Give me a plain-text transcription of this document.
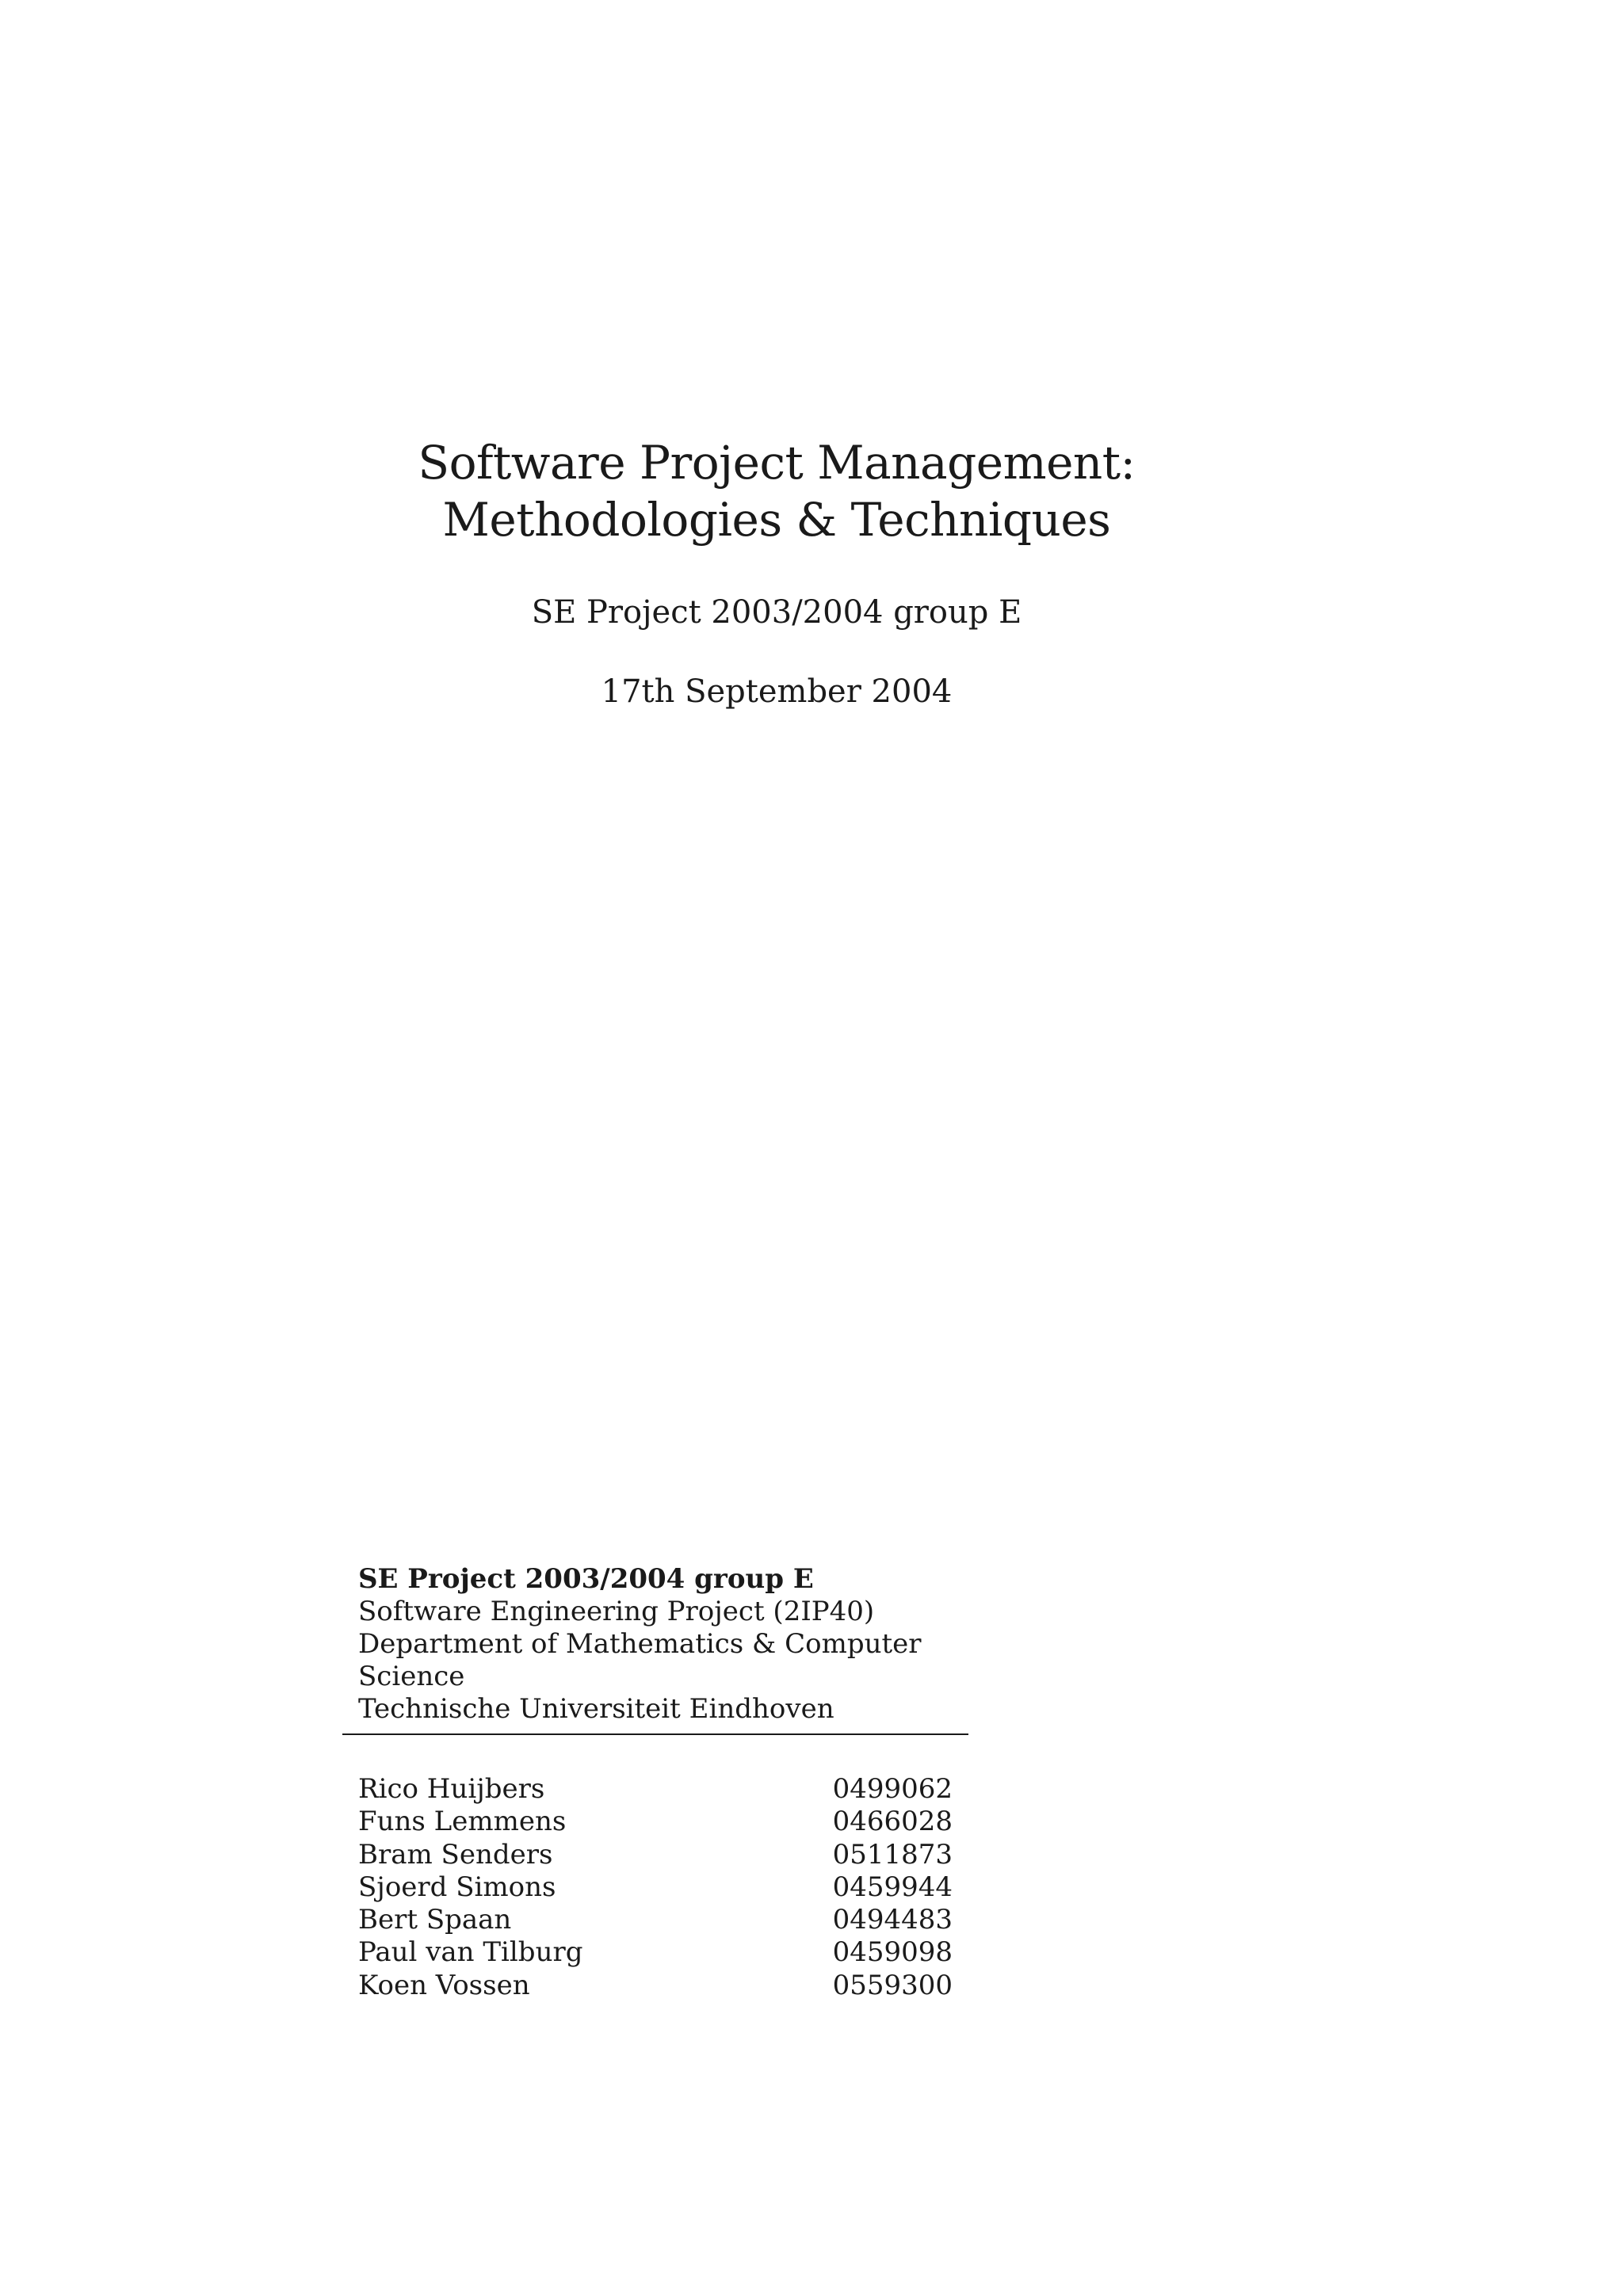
Software Project Management:
Methodologies & Techniques
SE Project 2003/2004 group E
17th September 2004
SE Project 2003/2004 group E
Software Engineering Project (2IP40)
Department of Mathematics & Computer Science
Technische Universiteit Eindhoven
Rico Huijbers	0499062
Funs Lemmens	0466028
Bram Senders	0511873
Sjoerd Simons	0459944
Bert Spaan	0494483
Paul van Tilburg	0459098
Koen Vossen	0559300
